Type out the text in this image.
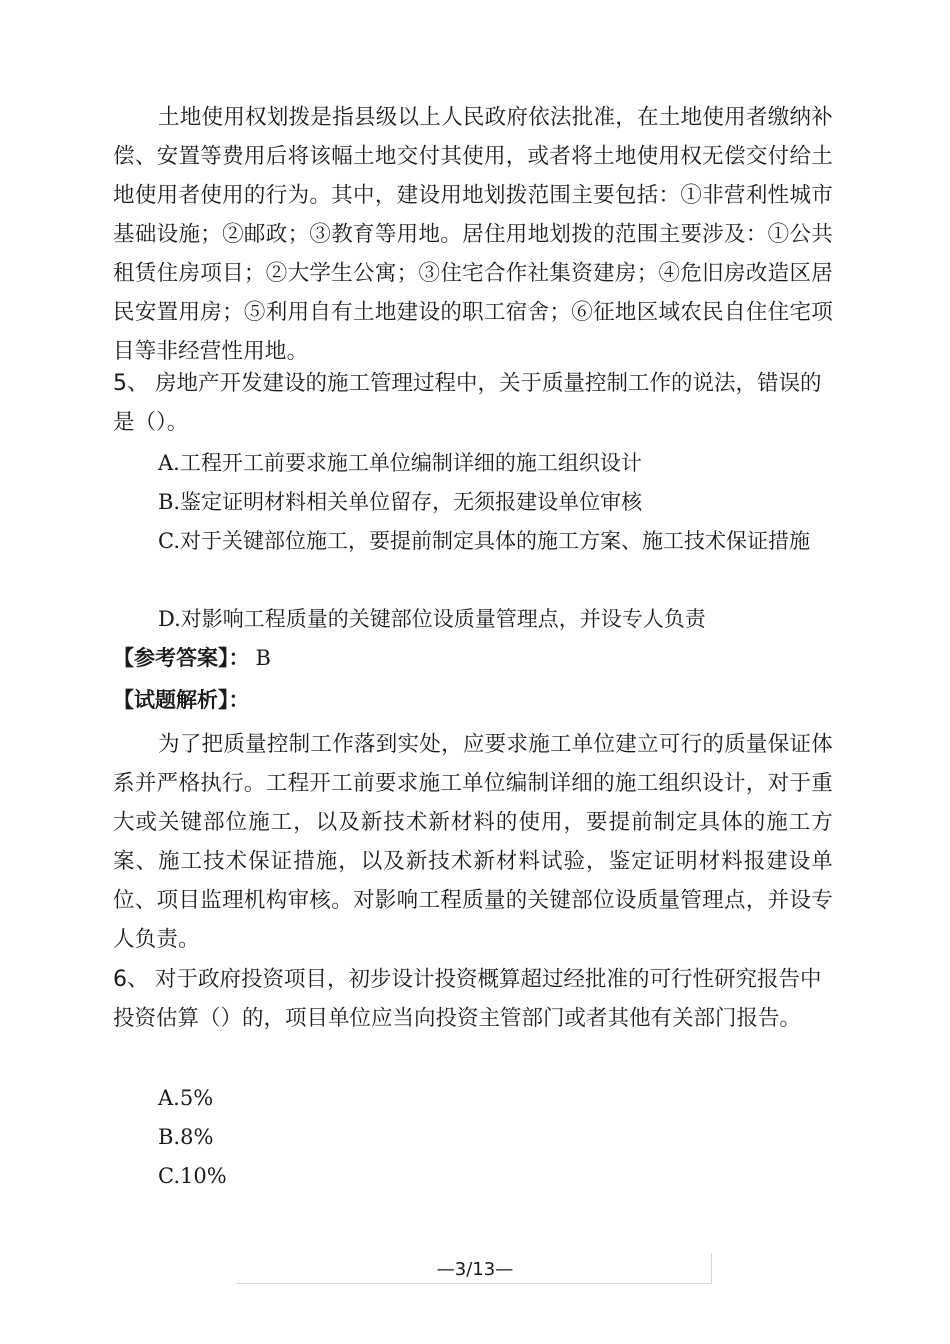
土地使用权划拨是指县级以上人民政府依法批准，在土地使用者缴纳补偿、安置等费用后将该幅土地交付其使用，或者将土地使用权无偿交付给土地使用者使用的行为。其中，建设用地划拨范围主要包括：①非营利性城市基础设施；②邮政；③教育等用地。居住用地划拨的范围主要涉及：①公共租赁住房项目；②大学生公寓；③住宅合作社集资建房；④危旧房改造区居民安置用房；⑤利用自有土地建设的职工宿舍；⑥征地区域农民自住住宅项目等非经营性用地。

5、 房地产开发建设的施工管理过程中，关于质量控制工作的说法，错误的是（）。

A.工程开工前要求施工单位编制详细的施工组织设计

B.鉴定证明材料相关单位留存，无须报建设单位审核

C.对于关键部位施工，要提前制定具体的施工方案、施工技术保证措施

D.对影响工程质量的关键部位设质量管理点，并设专人负责

【参考答案】： B
【试题解析】：

为了把质量控制工作落到实处，应要求施工单位建立可行的质量保证体系并严格执行。工程开工前要求施工单位编制详细的施工组织设计，对于重大或关键部位施工，以及新技术新材料的使用，要提前制定具体的施工方案、施工技术保证措施，以及新技术新材料试验，鉴定证明材料报建设单位、项目监理机构审核。对影响工程质量的关键部位设质量管理点，并设专人负责。

6、 对于政府投资项目，初步设计投资概算超过经批准的可行性研究报告中投资估算（）的，项目单位应当向投资主管部门或者其他有关部门报告。

A.5%

B.8%

C.10%

—3/13—
